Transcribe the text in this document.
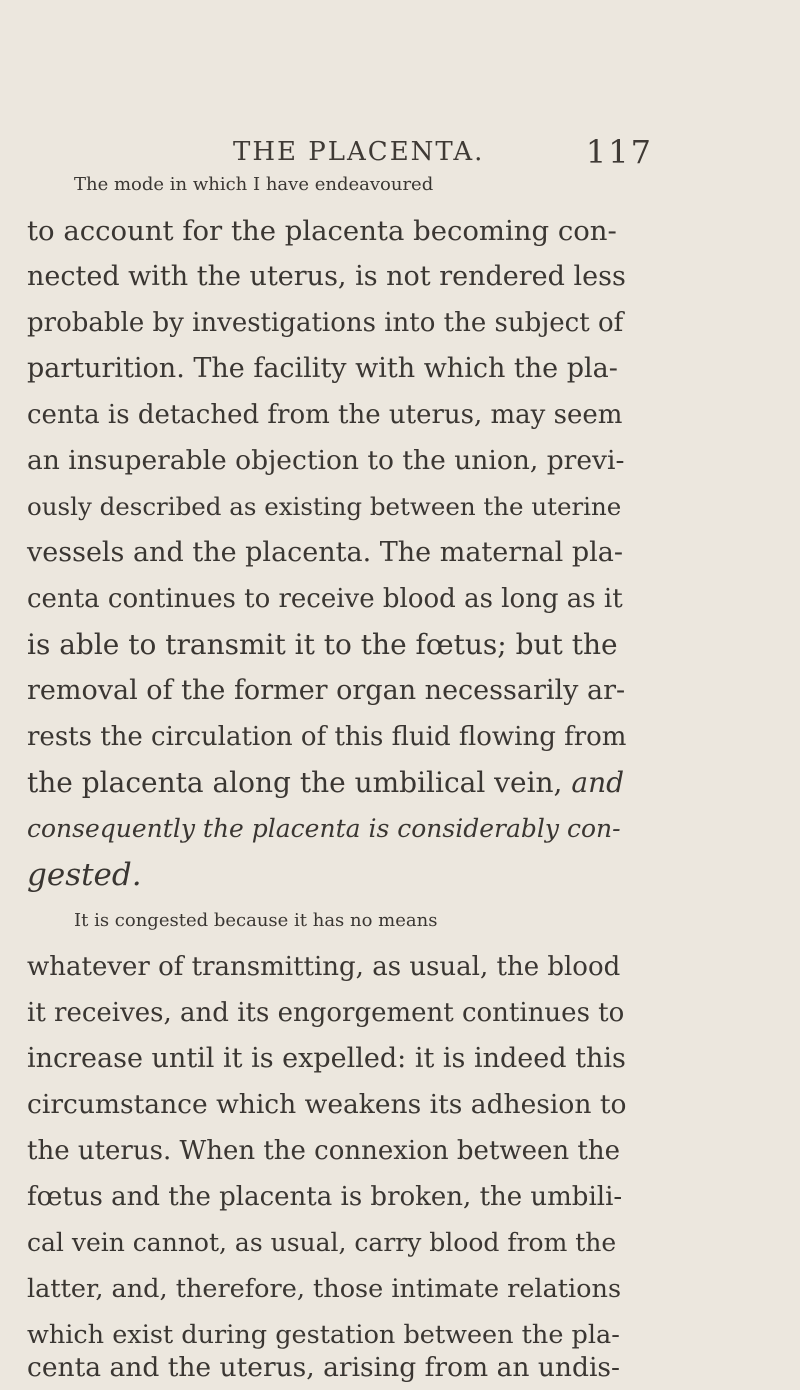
THE PLACENTA.	117
The mode in which I have endeavoured
to account for the placenta becoming con-
nected with the uterus, is not rendered less
probable by investigations into the subject of
parturition. The facility with which the pla-
centa is detached from the uterus, may seem
an insuperable objection to the union, previ-
ously described as existing between the uterine
vessels and the placenta. The maternal pla-
centa continues to receive blood as long as it
is able to transmit it to the fœtus; but the
removal of the former organ necessarily ar-
rests the circulation of this fluid flowing from
the placenta along the umbilical vein, and
consequently the placenta is considerably con-
gested.
It is congested because it has no means
whatever of transmitting, as usual, the blood
it receives, and its engorgement continues to
increase until it is expelled: it is indeed this
circumstance which weakens its adhesion to
the uterus. When the connexion between the
fœtus and the placenta is broken, the umbili-
cal vein cannot, as usual, carry blood from the
latter, and, therefore, those intimate relations
which exist during gestation between the pla-
centa and the uterus, arising from an undis-
